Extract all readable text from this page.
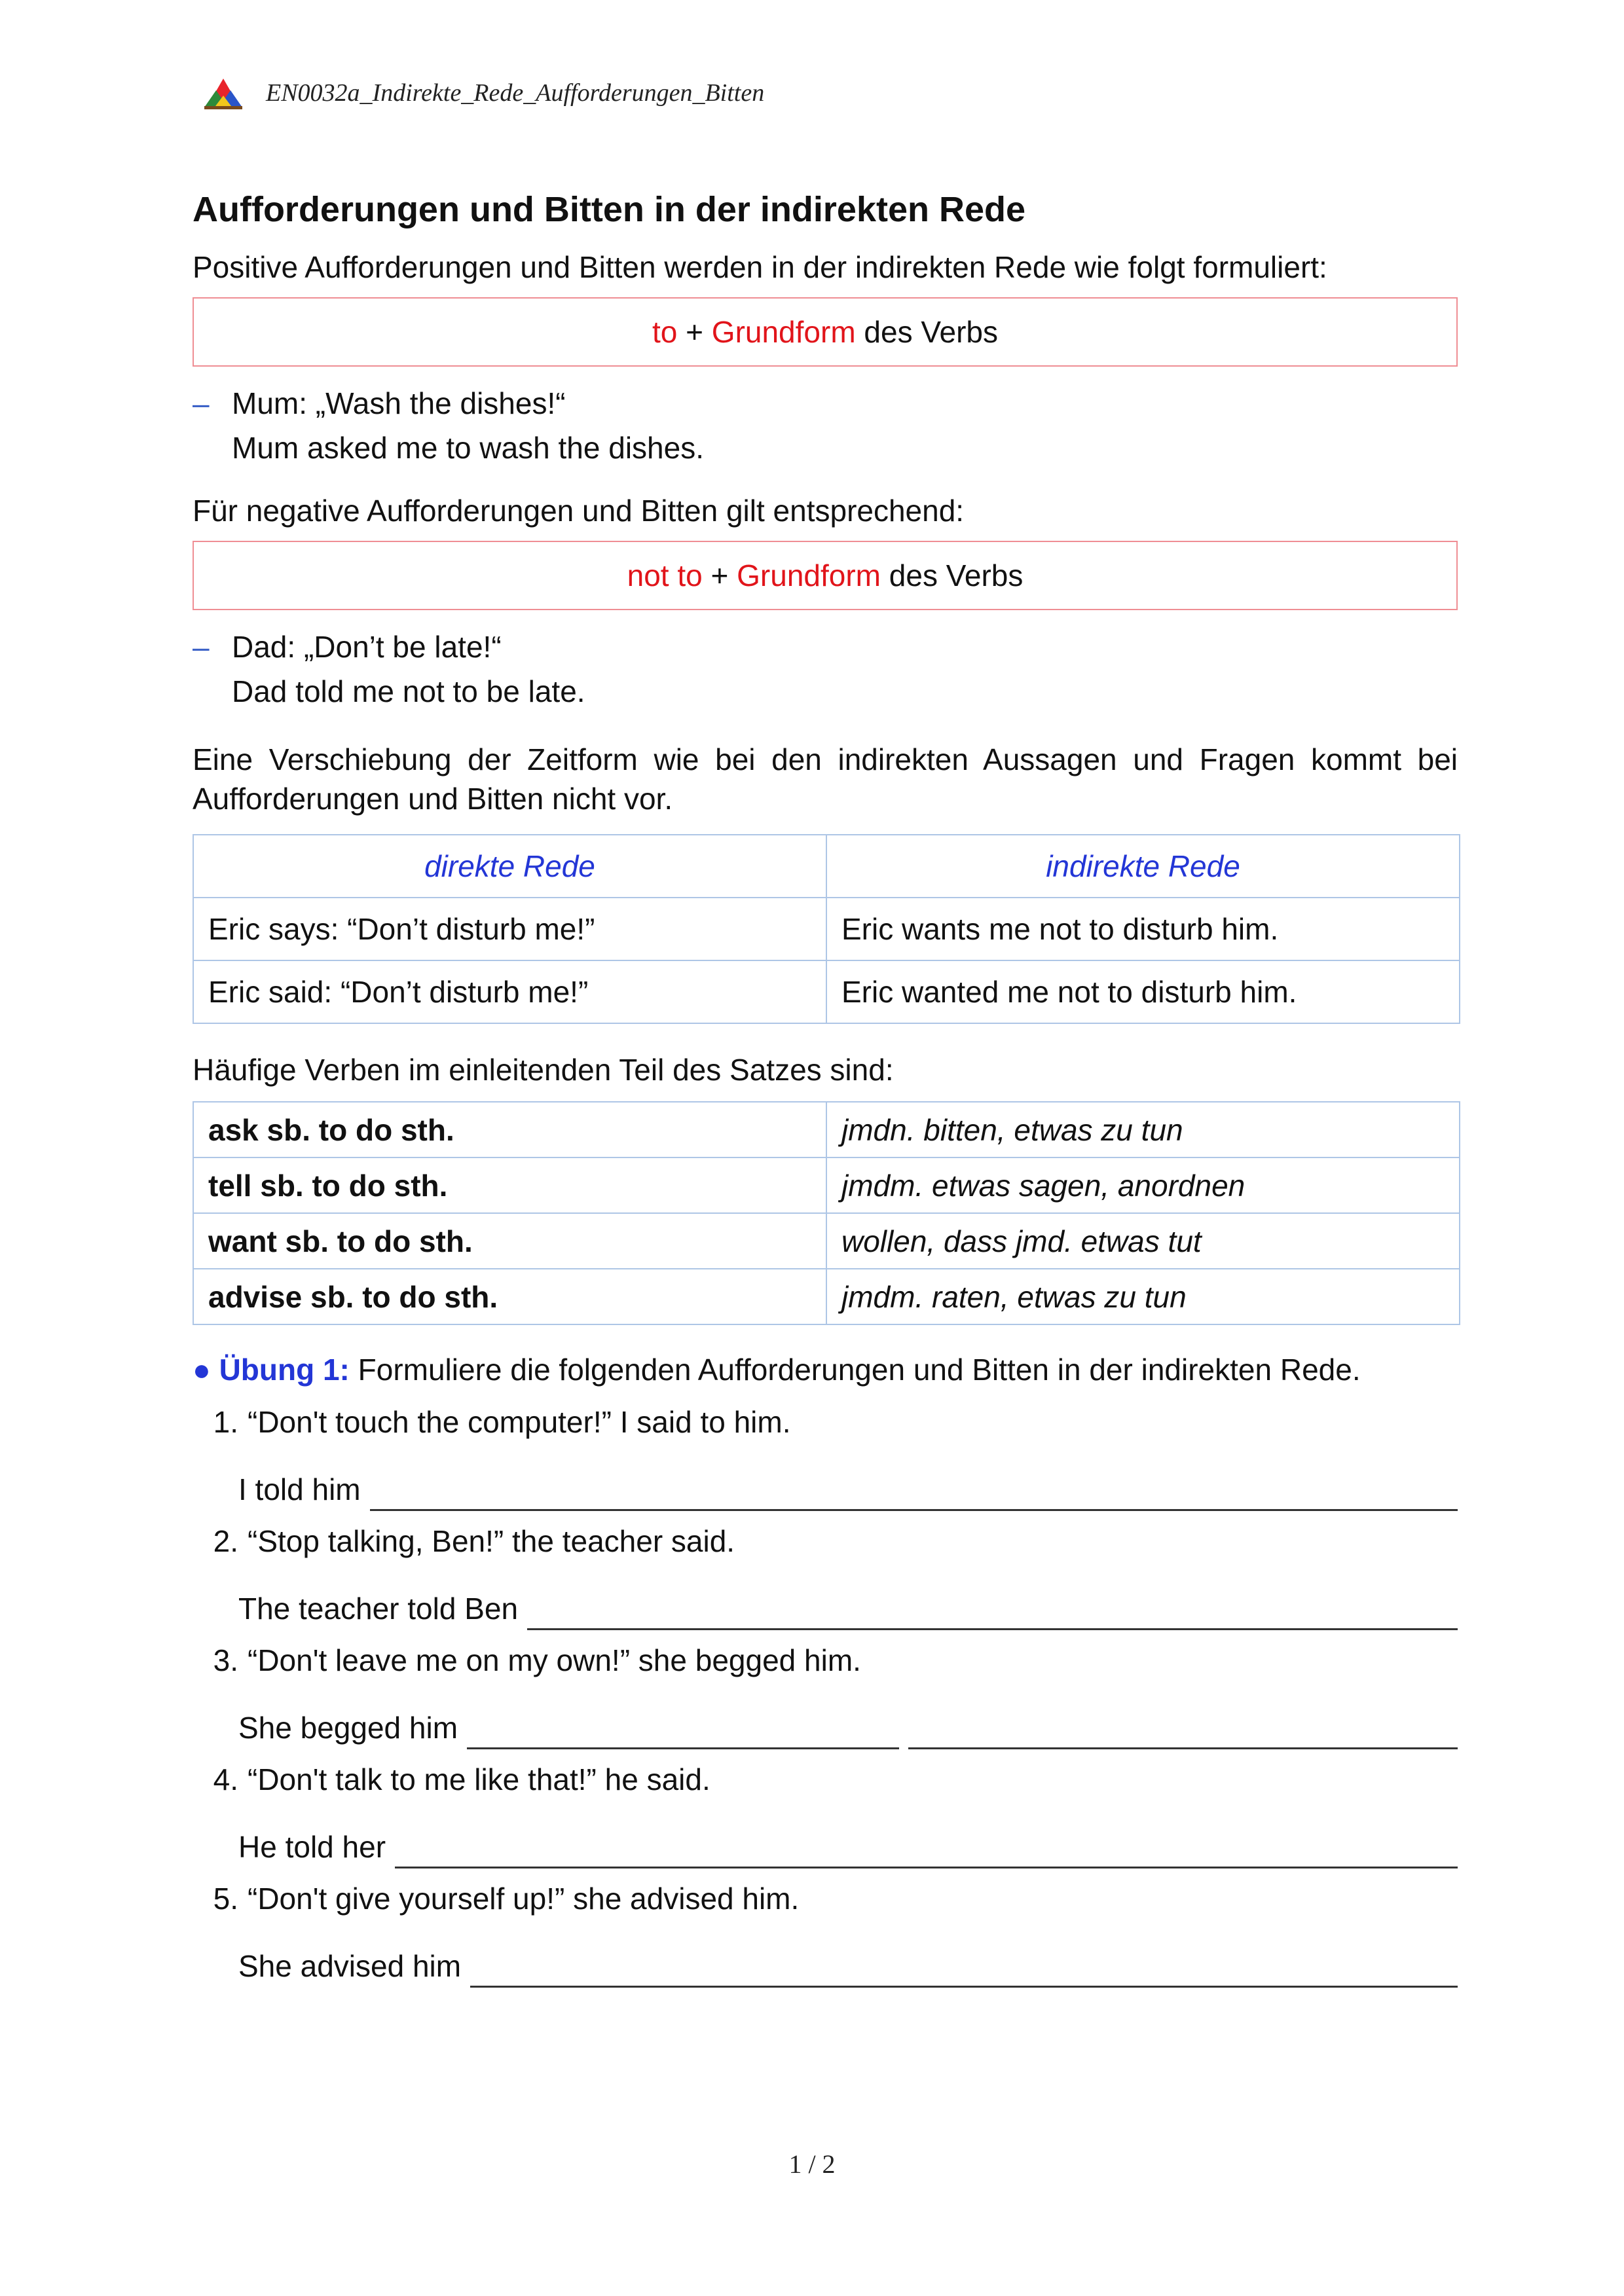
EN0032a_Indirekte_Rede_Aufforderungen_Bitten
Aufforderungen und Bitten in der indirekten Rede

Positive Aufforderungen und Bitten werden in der indirekten Rede wie folgt formuliert:

to + Grundform des Verbs
– Mum: „Wash the dishes!“
Mum asked me to wash the dishes.

Für negative Aufforderungen und Bitten gilt entsprechend:

not to + Grundform des Verbs
– Dad: „Don’t be late!“
Dad told me not to be late.

Eine Verschiebung der Zeitform wie bei den indirekten Aussagen und Fragen kommt bei Aufforderungen und Bitten nicht vor.

direkte Rede	indirekte Rede
Eric says: “Don’t disturb me!”	Eric wants me not to disturb him.
Eric said: “Don’t disturb me!”	Eric wanted me not to disturb him.

Häufige Verben im einleitenden Teil des Satzes sind:

ask sb. to do sth.	jmdn. bitten, etwas zu tun
tell sb. to do sth.	jmdm. etwas sagen, anordnen
want sb. to do sth.	wollen, dass jmd. etwas tut
advise sb. to do sth.	jmdm. raten, etwas zu tun

● Übung 1: Formuliere die folgenden Aufforderungen und Bitten in der indirekten Rede.

1. “Don't touch the computer!” I said to him.
I told him
2. “Stop talking, Ben!” the teacher said.
The teacher told Ben
3. “Don't leave me on my own!” she begged him.
She begged him
4. “Don't talk to me like that!” he said.
He told her
5. “Don't give yourself up!” she advised him.
She advised him
1 / 2
